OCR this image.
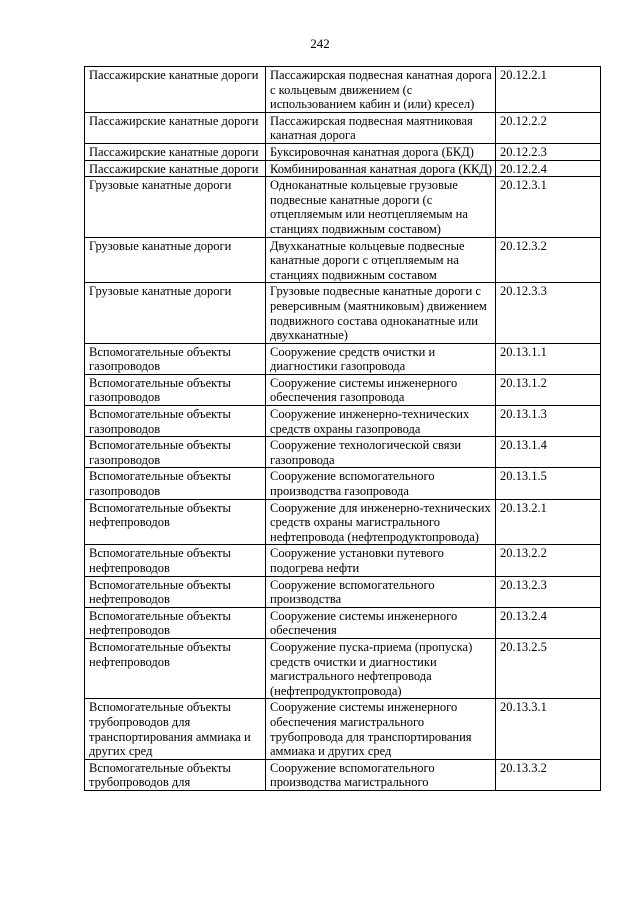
242
Пассажирские канатные дороги	Пассажирская подвесная канатная дорога с кольцевым движением (с использованием кабин и (или) кресел)	20.12.2.1
Пассажирские канатные дороги	Пассажирская подвесная маятниковая канатная дорога	20.12.2.2
Пассажирские канатные дороги	Буксировочная канатная дорога (БКД)	20.12.2.3
Пассажирские канатные дороги	Комбинированная канатная дорога (ККД)	20.12.2.4
Грузовые канатные дороги	Одноканатные кольцевые грузовые подвесные канатные дороги (с отцепляемым или неотцепляемым на станциях подвижным составом)	20.12.3.1
Грузовые канатные дороги	Двухканатные кольцевые подвесные канатные дороги с отцепляемым на станциях подвижным составом	20.12.3.2
Грузовые канатные дороги	Грузовые подвесные канатные дороги с реверсивным (маятниковым) движением подвижного состава одноканатные или двухканатные)	20.12.3.3
Вспомогательные объекты газопроводов	Сооружение средств очистки и диагностики газопровода	20.13.1.1
Вспомогательные объекты газопроводов	Сооружение системы инженерного обеспечения газопровода	20.13.1.2
Вспомогательные объекты газопроводов	Сооружение инженерно-технических средств охраны газопровода	20.13.1.3
Вспомогательные объекты газопроводов	Сооружение технологической связи газопровода	20.13.1.4
Вспомогательные объекты газопроводов	Сооружение вспомогательного производства газопровода	20.13.1.5
Вспомогательные объекты нефтепроводов	Сооружение для инженерно-технических средств охраны магистрального нефтепровода (нефтепродуктопровода)	20.13.2.1
Вспомогательные объекты нефтепроводов	Сооружение установки путевого подогрева нефти	20.13.2.2
Вспомогательные объекты нефтепроводов	Сооружение вспомогательного производства	20.13.2.3
Вспомогательные объекты нефтепроводов	Сооружение системы инженерного обеспечения	20.13.2.4
Вспомогательные объекты нефтепроводов	Сооружение пуска-приема (пропуска) средств очистки и диагностики магистрального нефтепровода (нефтепродуктопровода)	20.13.2.5
Вспомогательные объекты трубопроводов для транспортирования аммиака и других сред	Сооружение системы инженерного обеспечения магистрального трубопровода для транспортирования аммиака и других сред	20.13.3.1
Вспомогательные объекты трубопроводов для	Сооружение вспомогательного производства магистрального	20.13.3.2
